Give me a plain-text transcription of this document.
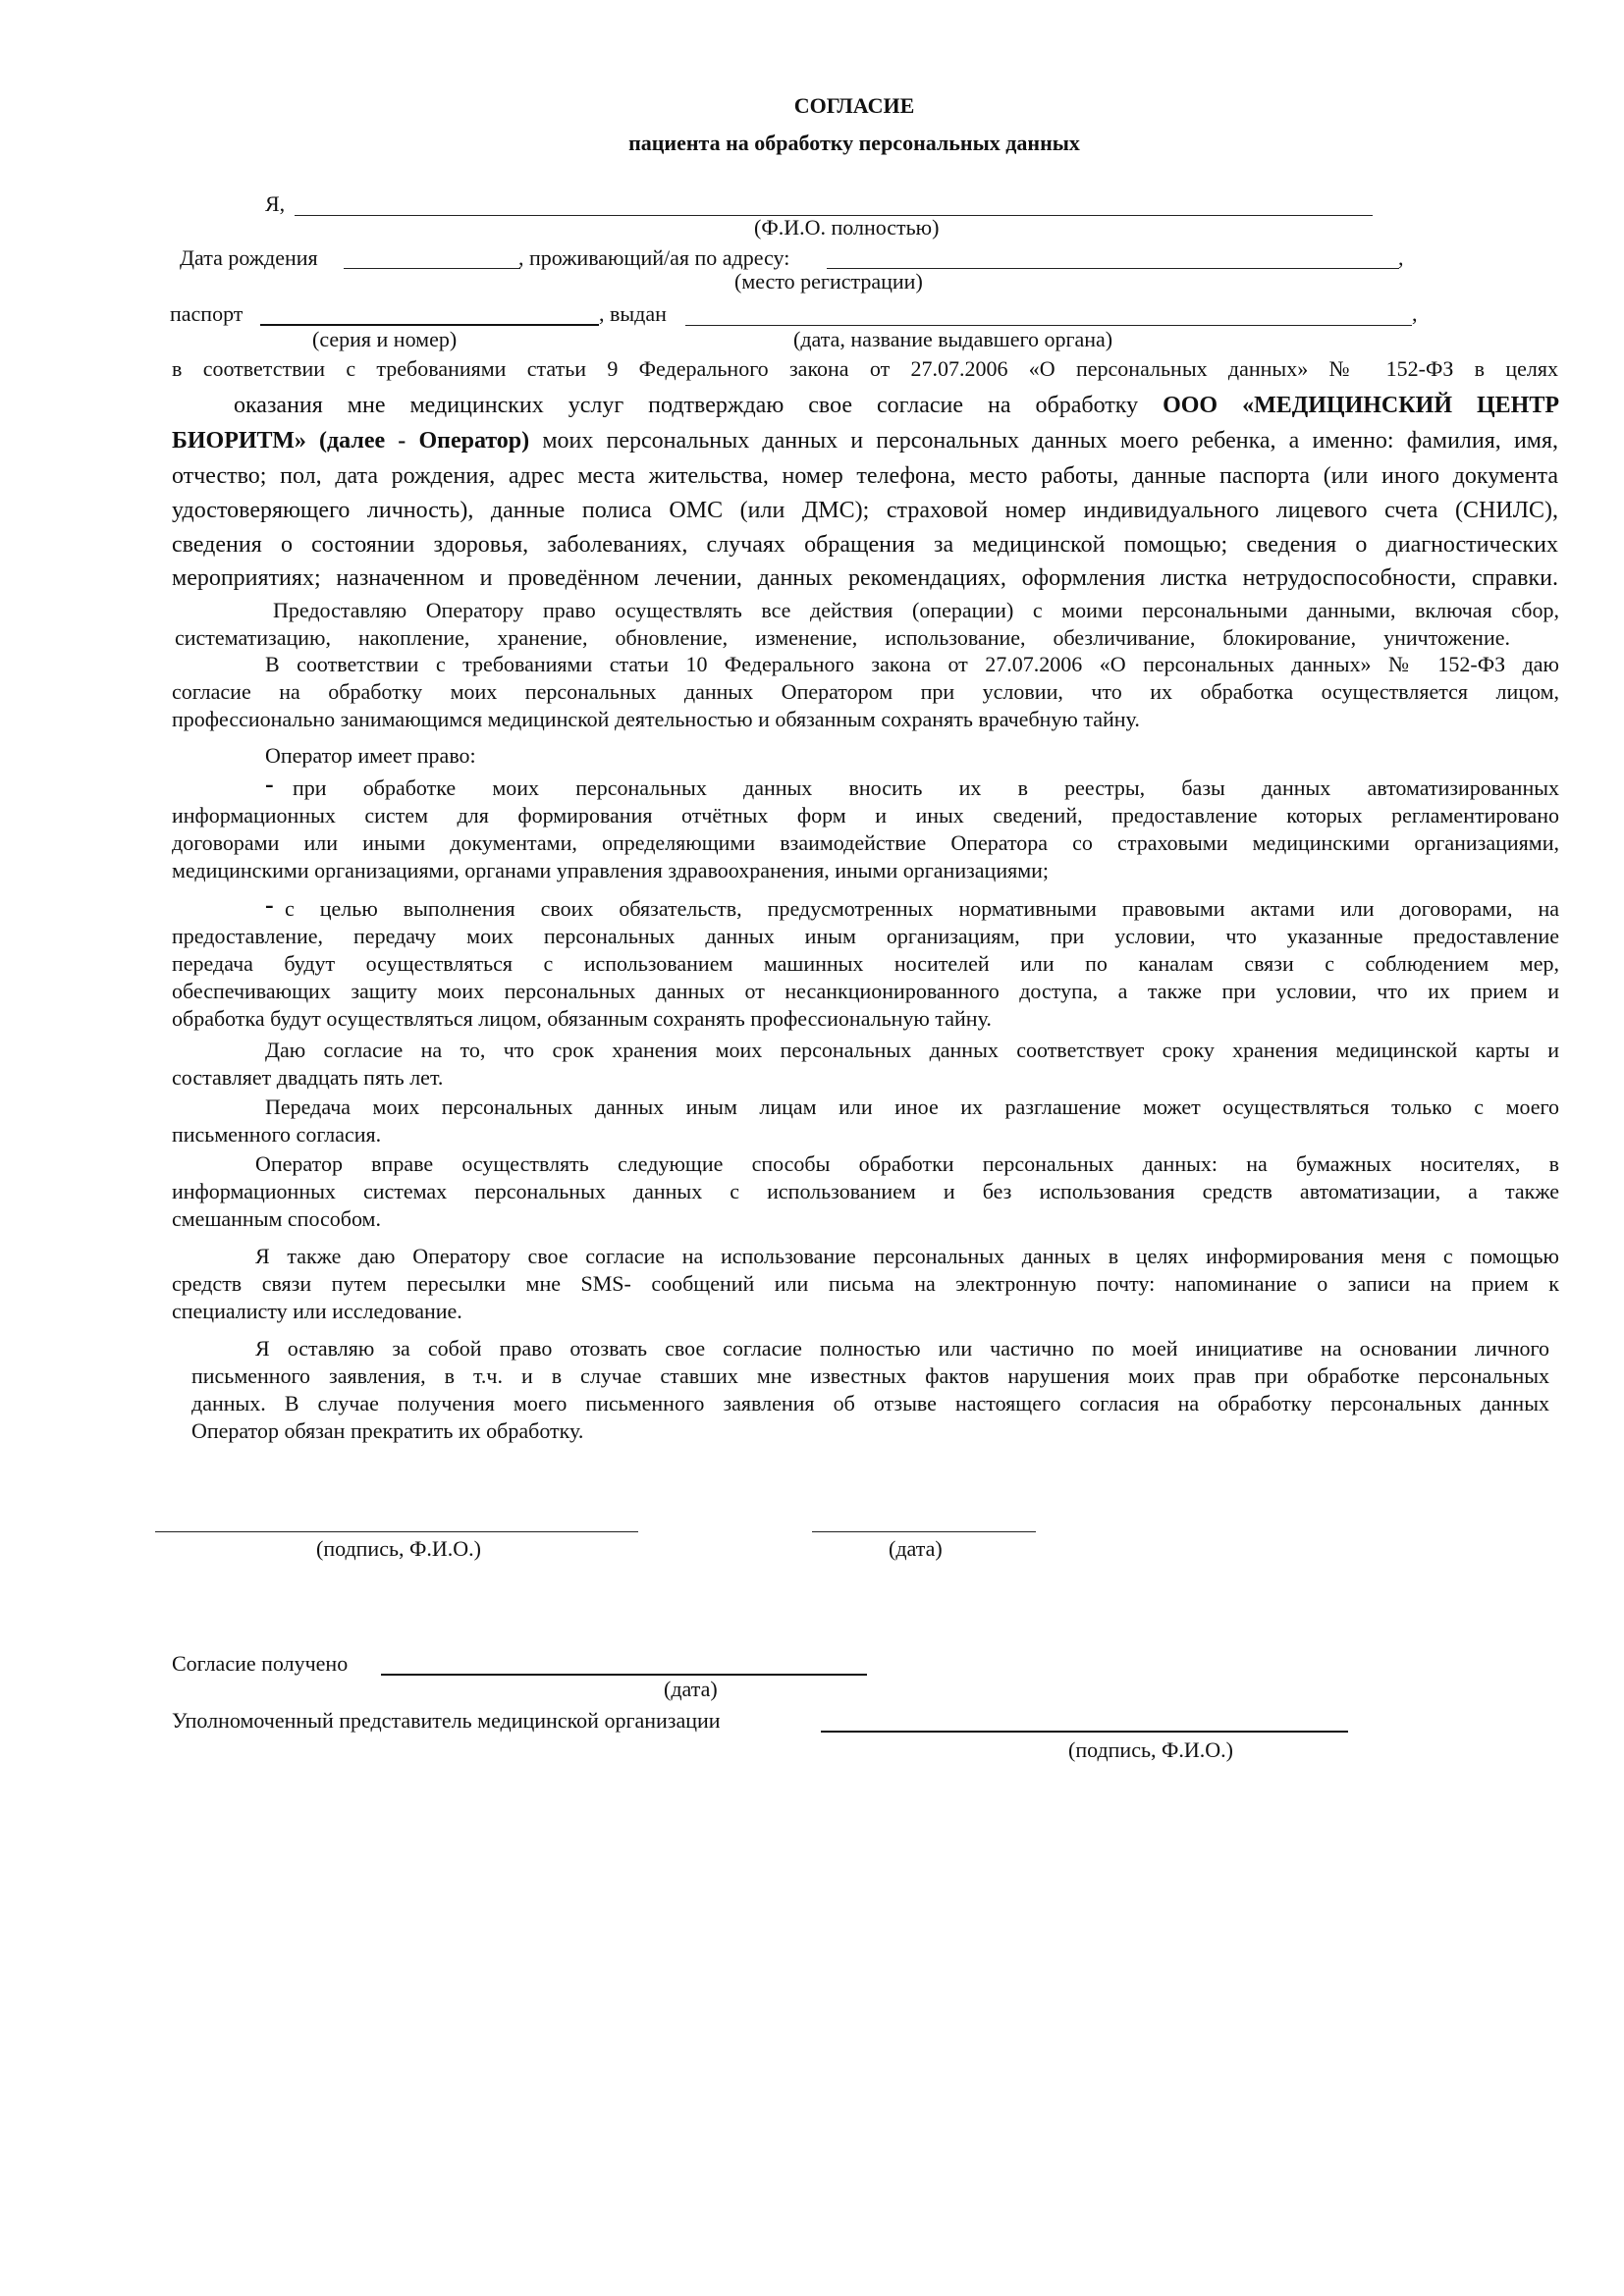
СОГЛАСИЕ
пациента на обработку персональных данных
Я,
(Ф.И.О. полностью)
Дата рождения	, проживающий/ая по адресу:	,
(место регистрации)
паспорт	, выдан	,
(серия и номер)	(дата, название выдавшего органа)
в соответствии с требованиями статьи 9 Федерального закона от 27.07.2006 «О персональных данных» № 152-ФЗ в целях
оказания мне медицинских услуг подтверждаю свое согласие на обработку ООО «МЕДИЦИНСКИЙ ЦЕНТР
БИОРИТМ» (далее - Оператор) моих персональных данных и персональных данных моего ребенка, а именно: фамилия, имя,
отчество; пол, дата рождения, адрес места жительства, номер телефона, место работы, данные паспорта (или иного документа
удостоверяющего личность), данные полиса ОМС (или ДМС); страховой номер индивидуального лицевого счета (СНИЛС),
сведения о состоянии здоровья, заболеваниях, случаях обращения за медицинской помощью; сведения о диагностических
мероприятиях; назначенном и проведённом лечении, данных рекомендациях, оформления листка нетрудоспособности, справки.
Предоставляю Оператору право осуществлять все действия (операции) с моими персональными данными, включая сбор,
систематизацию, накопление, хранение, обновление, изменение, использование, обезличивание, блокирование, уничтожение.
В соответствии с требованиями статьи 10 Федерального закона от 27.07.2006 «О персональных данных» № 152-ФЗ даю
согласие на обработку моих персональных данных Оператором при условии, что их обработка осуществляется лицом,
профессионально занимающимся медицинской деятельностью и обязанным сохранять врачебную тайну.
Оператор имеет право:
- при обработке моих персональных данных вносить их в реестры, базы данных автоматизированных
информационных систем для формирования отчётных форм и иных сведений, предоставление которых регламентировано
договорами или иными документами, определяющими взаимодействие Оператора со страховыми медицинскими организациями,
медицинскими организациями, органами управления здравоохранения, иными организациями;
- с целью выполнения своих обязательств, предусмотренных нормативными правовыми актами или договорами, на
предоставление, передачу моих персональных данных иным организациям, при условии, что указанные предоставление
передача будут осуществляться с использованием машинных носителей или по каналам связи с соблюдением мер,
обеспечивающих защиту моих персональных данных от несанкционированного доступа, а также при условии, что их прием и
обработка будут осуществляться лицом, обязанным сохранять профессиональную тайну.
Даю согласие на то, что срок хранения моих персональных данных соответствует сроку хранения медицинской карты и
составляет двадцать пять лет.
Передача моих персональных данных иным лицам или иное их разглашение может осуществляться только с моего
письменного согласия.
Оператор вправе осуществлять следующие способы обработки персональных данных: на бумажных носителях, в
информационных системах персональных данных с использованием и без использования средств автоматизации, а также
смешанным способом.
Я также даю Оператору свое согласие на использование персональных данных в целях информирования меня с помощью
средств связи путем пересылки мне SMS- сообщений или письма на электронную почту: напоминание о записи на прием к
специалисту или исследование.
Я оставляю за собой право отозвать свое согласие полностью или частично по моей инициативе на основании личного
письменного заявления, в т.ч. и в случае ставших мне известных фактов нарушения моих прав при обработке персональных
данных. В случае получения моего письменного заявления об отзыве настоящего согласия на обработку персональных данных
Оператор обязан прекратить их обработку.
(подпись, Ф.И.О.)	(дата)
Согласие получено
(дата)
Уполномоченный представитель медицинской организации
(подпись, Ф.И.О.)
